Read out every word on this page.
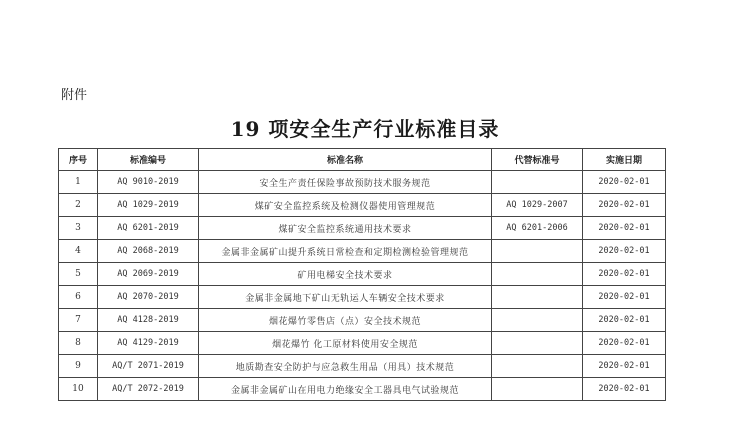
附件
19 项安全生产行业标准目录
序号	标准编号	标准名称	代替标准号	实施日期
1	AQ 9010-2019	安全生产责任保险事故预防技术服务规范		2020-02-01
2	AQ 1029-2019	煤矿安全监控系统及检测仪器使用管理规范	AQ 1029-2007	2020-02-01
3	AQ 6201-2019	煤矿安全监控系统通用技术要求	AQ 6201-2006	2020-02-01
4	AQ 2068-2019	金属非金属矿山提升系统日常检查和定期检测检验管理规范		2020-02-01
5	AQ 2069-2019	矿用电梯安全技术要求		2020-02-01
6	AQ 2070-2019	金属非金属地下矿山无轨运人车辆安全技术要求		2020-02-01
7	AQ 4128-2019	烟花爆竹零售店（点）安全技术规范		2020-02-01
8	AQ 4129-2019	烟花爆竹 化工原材料使用安全规范		2020-02-01
9	AQ/T 2071-2019	地质勘查安全防护与应急救生用品（用具）技术规范		2020-02-01
10	AQ/T 2072-2019	金属非金属矿山在用电力绝缘安全工器具电气试验规范		2020-02-01
